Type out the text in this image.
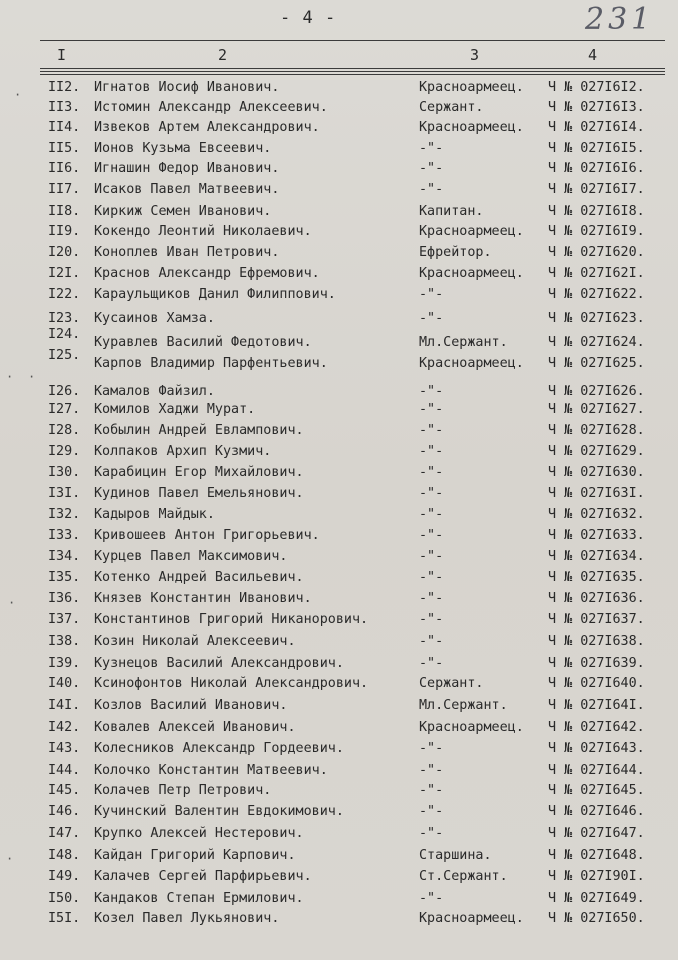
- 4 -	231
I	2	3	4
·
· ·
·
·
II2. Игнатов Иосиф Иванович.	Красноармеец. Ч № 027I6I2.
II3. Истомин Александр Алексеевич.	Сержант.	Ч № 027I6I3.
II4. Извеков Артем Александрович.	Красноармеец. Ч № 027I6I4.
II5. Ионов Кузьма Евсеевич.	-"-	Ч № 027I6I5.
II6. Игнашин Федор Иванович.	-"-	Ч № 027I6I6.
II7. Исаков Павел Матвеевич.	-"-	Ч № 027I6I7.
II8. Киркиж Семен Иванович.	Капитан.	Ч № 027I6I8.
II9. Кокендо Леонтий Николаевич.	Красноармеец. Ч № 027I6I9.
I20. Коноплев Иван Петрович.	Ефрейтор.	Ч № 027I620.
I2I. Краснов Александр Ефремович.	Красноармеец. Ч № 027I62I.
I22. Караульщиков Данил Филиппович.	-"-	Ч № 027I622.
I23. Кусаинов Хамза.	-"-	Ч № 027I623.
I24.
Куравлев Василий Федотович.	Мл.Сержант.	Ч № 027I624.
I25.
Карпов Владимир Парфентьевич.	Красноармеец. Ч № 027I625.
I26. Камалов Файзил.	-"-	Ч № 027I626.
I27. Комилов Хаджи Мурат.	-"-	Ч № 027I627.
I28. Кобылин Андрей Евлампович.	-"-	Ч № 027I628.
I29. Колпаков Архип Кузмич.	-"-	Ч № 027I629.
I30. Карабицин Егор Михайлович.	-"-	Ч № 027I630.
I3I. Кудинов Павел Емельянович.	-"-	Ч № 027I63I.
I32. Кадыров Майдык.	-"-	Ч № 027I632.
I33. Кривошеев Антон Григорьевич.	-"-	Ч № 027I633.
I34. Курцев Павел Максимович.	-"-	Ч № 027I634.
I35. Котенко Андрей Васильевич.	-"-	Ч № 027I635.
I36. Князев Константин Иванович.	-"-	Ч № 027I636.
I37. Константинов Григорий Никанорович.	-"-	Ч № 027I637.
I38. Козин Николай Алексеевич.	-"-	Ч № 027I638.
I39. Кузнецов Василий Александрович.	-"-	Ч № 027I639.
I40. Ксинофонтов Николай Александрович.	Сержант.	Ч № 027I640.
I4I. Козлов Василий Иванович.	Мл.Сержант.	Ч № 027I64I.
I42. Ковалев Алексей Иванович.	Красноармеец. Ч № 027I642.
I43. Колесников Александр Гордеевич.	-"-	Ч № 027I643.
I44. Колочко Константин Матвеевич.	-"-	Ч № 027I644.
I45. Колачев Петр Петрович.	-"-	Ч № 027I645.
I46. Кучинский Валентин Евдокимович.	-"-	Ч № 027I646.
I47. Крупко Алексей Нестерович.	-"-	Ч № 027I647.
I48. Кайдан Григорий Карпович.	Старшина.	Ч № 027I648.
I49. Калачев Сергей Парфирьевич.	Ст.Сержант.	Ч № 027I90I.
I50. Кандаков Степан Ермилович.	-"-	Ч № 027I649.
I5I. Козел Павел Лукьянович.	Красноармеец. Ч № 027I650.
